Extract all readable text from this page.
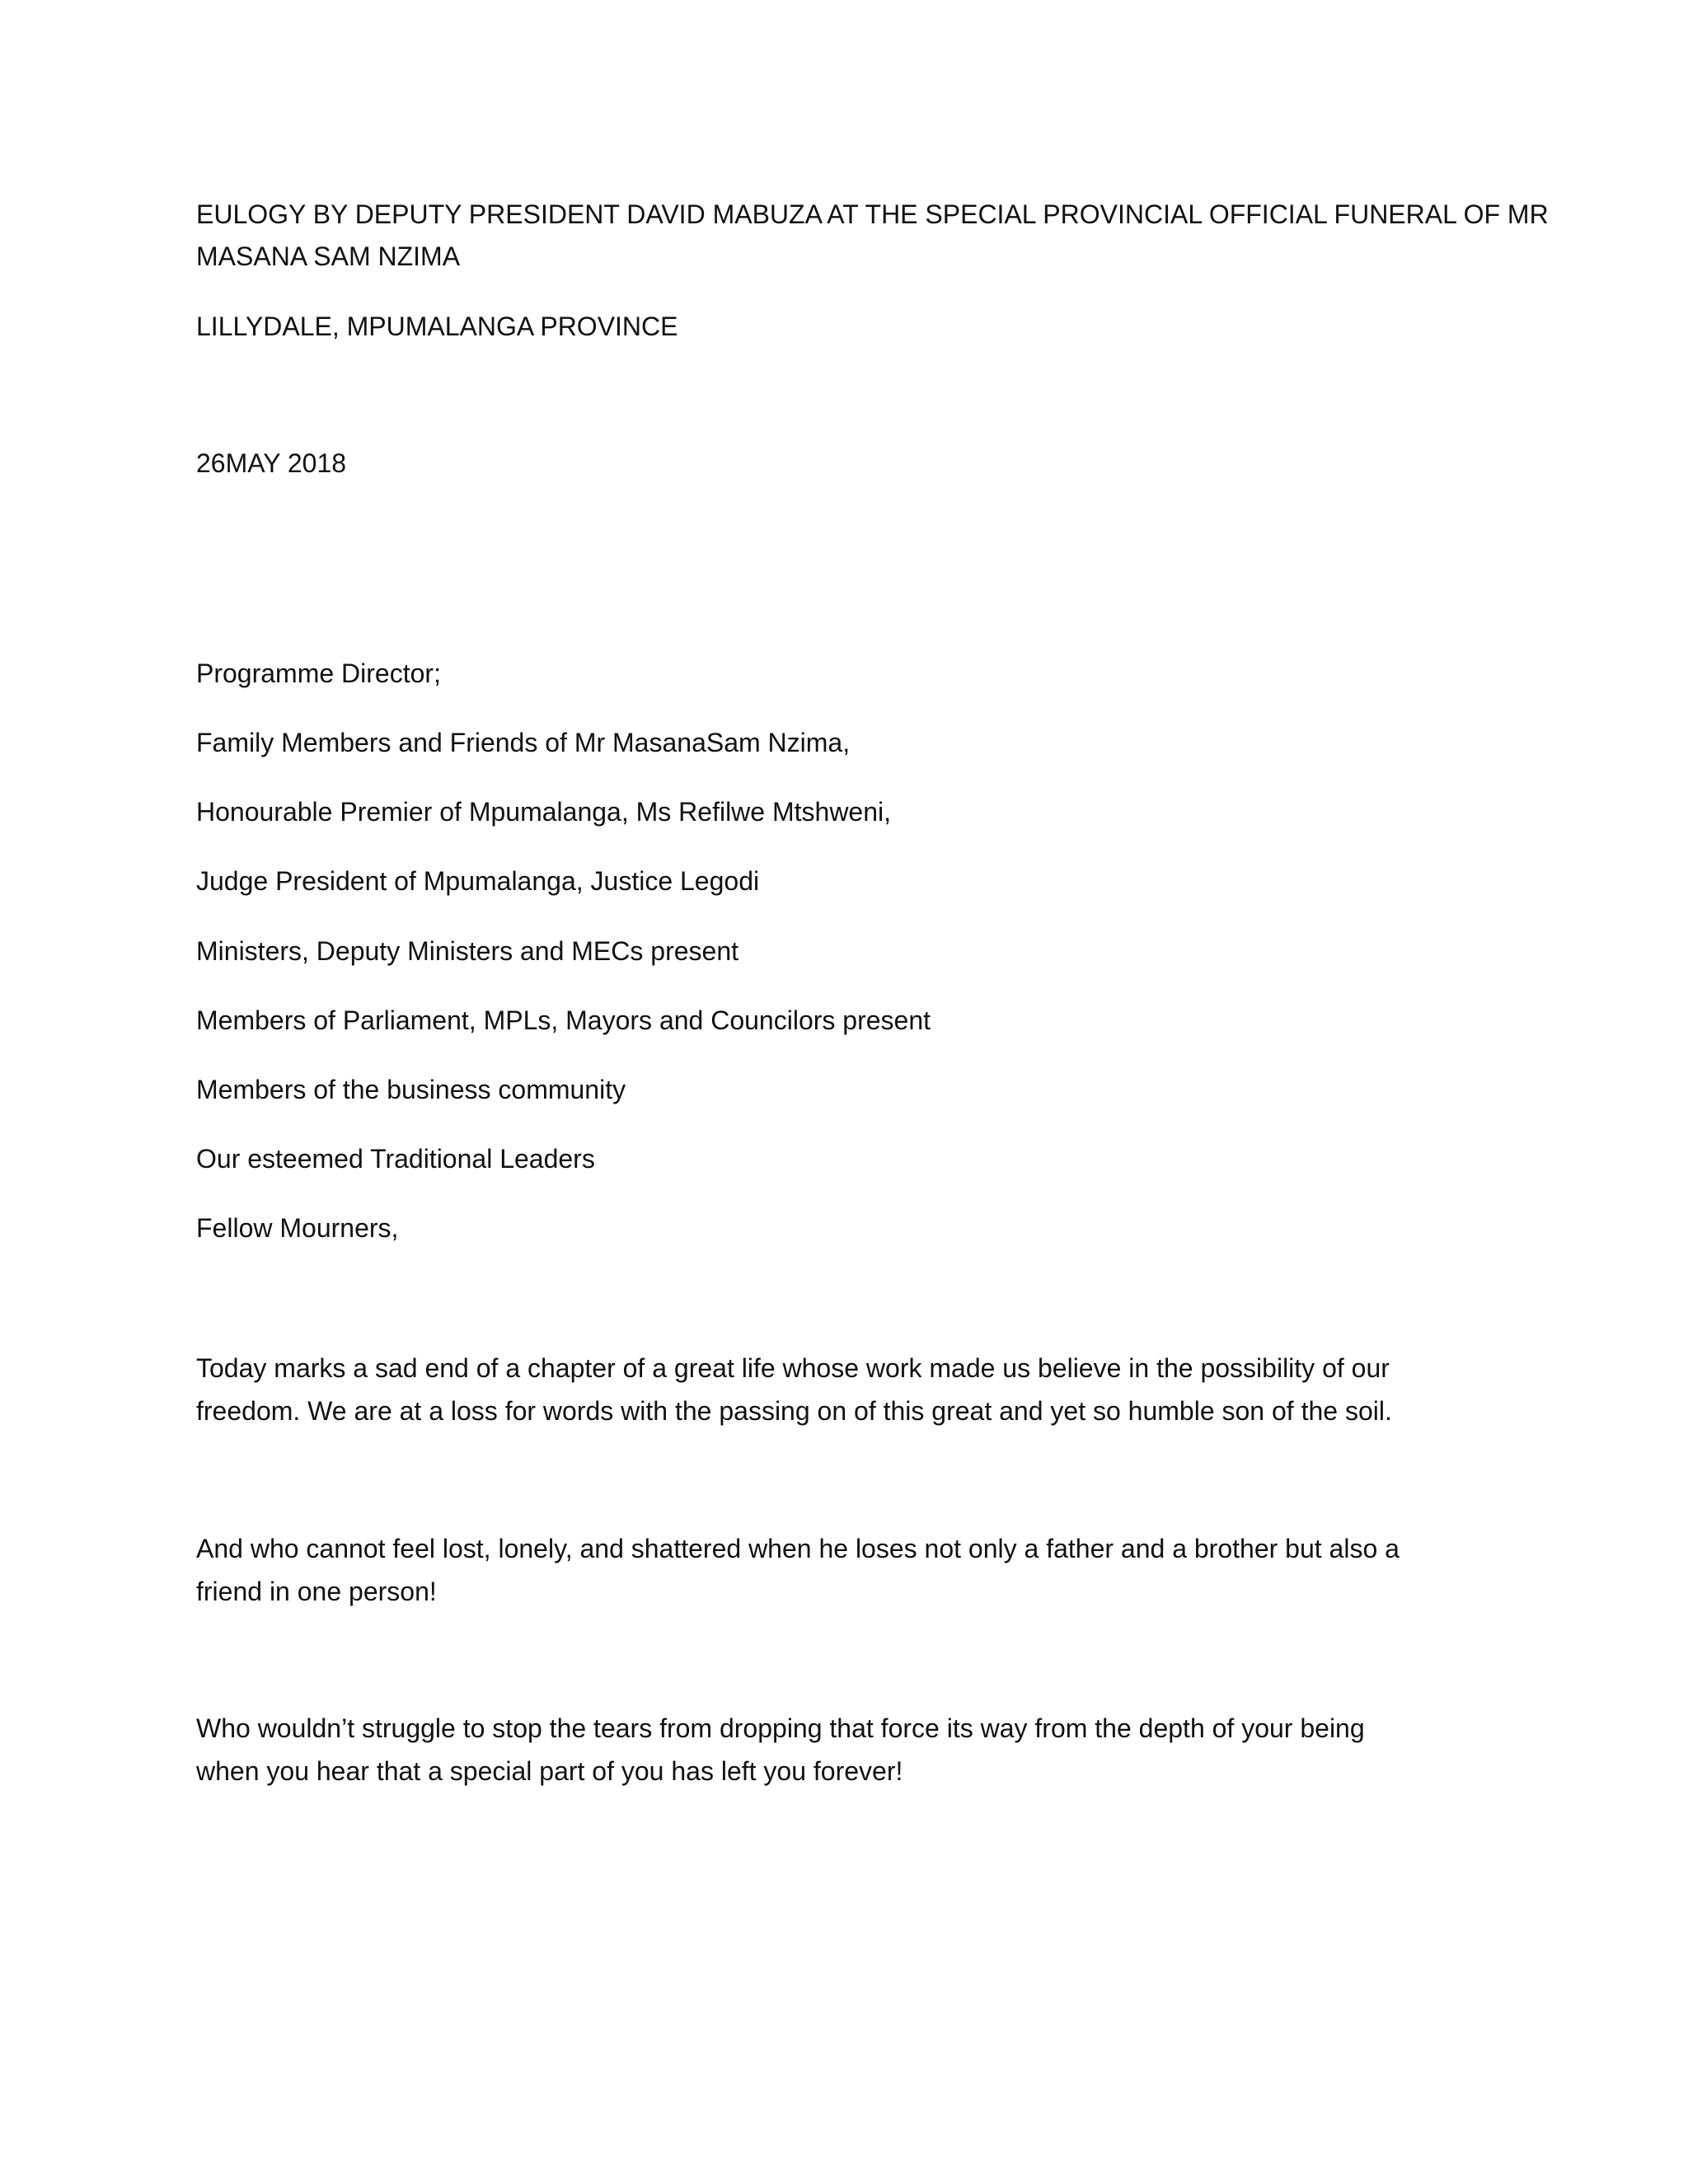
EULOGY BY DEPUTY PRESIDENT DAVID MABUZA AT THE SPECIAL PROVINCIAL OFFICIAL FUNERAL OF MR

MASANA SAM NZIMA

LILLYDALE, MPUMALANGA PROVINCE

26MAY 2018

Programme Director;

Family Members and Friends of Mr MasanaSam Nzima,

Honourable Premier of Mpumalanga, Ms Refilwe Mtshweni,

Judge President of Mpumalanga, Justice Legodi

Ministers, Deputy Ministers and MECs present

Members of Parliament, MPLs, Mayors and Councilors present

Members of the business community

Our esteemed Traditional Leaders

Fellow Mourners,

Today marks a sad end of a chapter of a great life whose work made us believe in the possibility of our

freedom. We are at a loss for words with the passing on of this great and yet so humble son of the soil.

And who cannot feel lost, lonely, and shattered when he loses not only a father and a brother but also a

friend in one person!

Who wouldn’t struggle to stop the tears from dropping that force its way from the depth of your being

when you hear that a special part of you has left you forever!
